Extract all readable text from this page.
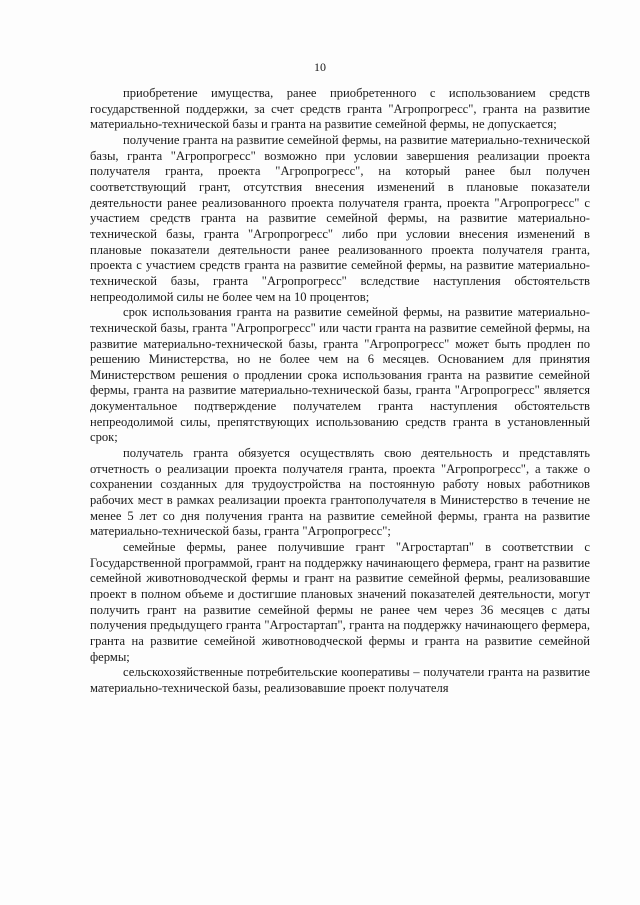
10

приобретение имущества, ранее приобретенного с использованием средств государственной поддержки, за счет средств гранта "Агропрогресс", гранта на развитие материально-технической базы и гранта на развитие семейной фермы, не допускается;

получение гранта на развитие семейной фермы, на развитие материально-технической базы, гранта "Агропрогресс" возможно при условии завершения реализации проекта получателя гранта, проекта "Агропрогресс", на который ранее был получен соответствующий грант, отсутствия внесения изменений в плановые показатели деятельности ранее реализованного проекта получателя гранта, проекта "Агропрогресс" с участием средств гранта на развитие семейной фермы, на развитие материально-технической базы, гранта "Агропрогресс" либо при условии внесения изменений в плановые показатели деятельности ранее реализованного проекта получателя гранта, проекта с участием средств гранта на развитие семейной фермы, на развитие материально-технической базы, гранта "Агропрогресс" вследствие наступления обстоятельств непреодолимой силы не более чем на 10 процентов;

срок использования гранта на развитие семейной фермы, на развитие материально-технической базы, гранта "Агропрогресс" или части гранта на развитие семейной фермы, на развитие материально-технической базы, гранта "Агропрогресс" может быть продлен по решению Министерства, но не более чем на 6 месяцев. Основанием для принятия Министерством решения о продлении срока использования гранта на развитие семейной фермы, гранта на развитие материально-технической базы, гранта "Агропрогресс" является документальное подтверждение получателем гранта наступления обстоятельств непреодолимой силы, препятствующих использованию средств гранта в установленный срок;

получатель гранта обязуется осуществлять свою деятельность и представлять отчетность о реализации проекта получателя гранта, проекта "Агропрогресс", а также о сохранении созданных для трудоустройства на постоянную работу новых работников рабочих мест в рамках реализации проекта грантополучателя в Министерство в течение не менее 5 лет со дня получения гранта на развитие семейной фермы, гранта на развитие материально-технической базы, гранта "Агропрогресс";

семейные фермы, ранее получившие грант "Агростартап" в соответствии с Государственной программой, грант на поддержку начинающего фермера, грант на развитие семейной животноводческой фермы и грант на развитие семейной фермы, реализовавшие проект в полном объеме и достигшие плановых значений показателей деятельности, могут получить грант на развитие семейной фермы не ранее чем через 36 месяцев с даты получения предыдущего гранта "Агростартап", гранта на поддержку начинающего фермера, гранта на развитие семейной животноводческой фермы и гранта на развитие семейной фермы;

сельскохозяйственные потребительские кооперативы – получатели гранта на развитие материально-технической базы, реализовавшие проект получателя
